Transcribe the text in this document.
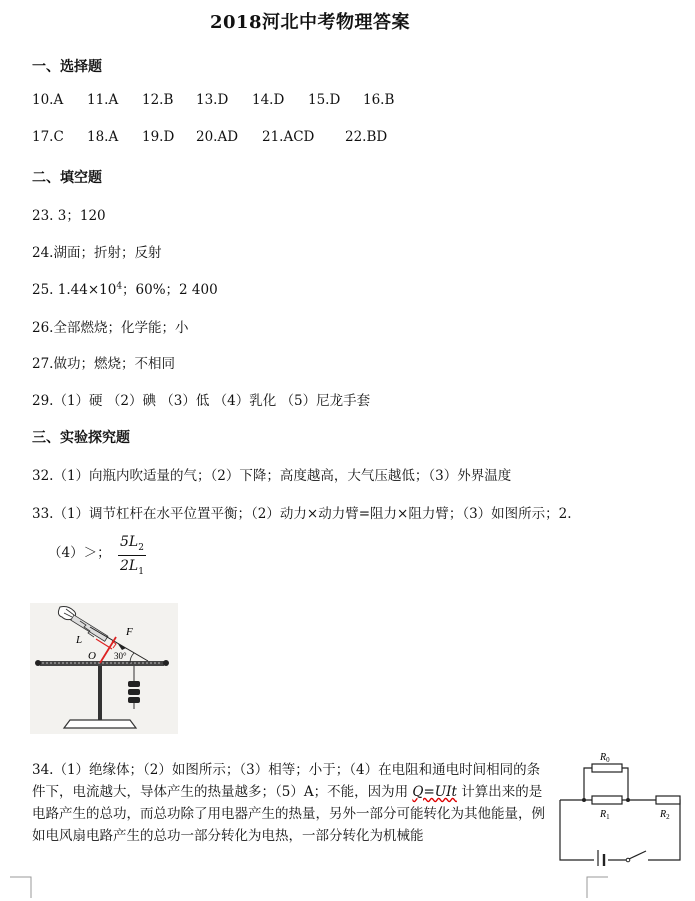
2018河北中考物理答案
一、选择题
10.A 11.A 12.B 13.D 14.D 15.D 16.B
17.C 18.A 19.D 20.AD 21.ACD 22.BD
二、填空题
23. 3；120
24.湖面；折射；反射
25. $1.44\times 10^4$；60%；2 400
26.全部燃烧；化学能；小
27.做功；燃烧；不相同
29.（1）硬 （2）碘 （3）低 （4）乳化 （5）尼龙手套
三、实验探究题
32.（1）向瓶内吹适量的气；（2）下降；高度越高，大气压越低；（3）外界温度
33.（1）调节杠杆在水平位置平衡；（2）动力×动力臂=阻力×阻力臂；（3）如图所示；2.
（4）＞；
$5L_2$
$2L_1$
L
F
O 30°
34.（1）绝缘体；（2）如图所示；（3）相等；小于；（4）在电阻和通电时间相同的条件下，电流越大，导体产生的热量越多；（5）A；不能，因为用 Q=UIt 计算出来的是电路产生的总功，而总功除了用电器产生的热量，另外一部分可能转化为其他能量，例如电风扇电路产生的总功一部分转化为电热，一部分转化为机械能
$R_0$
$R_1$	$R_2$
